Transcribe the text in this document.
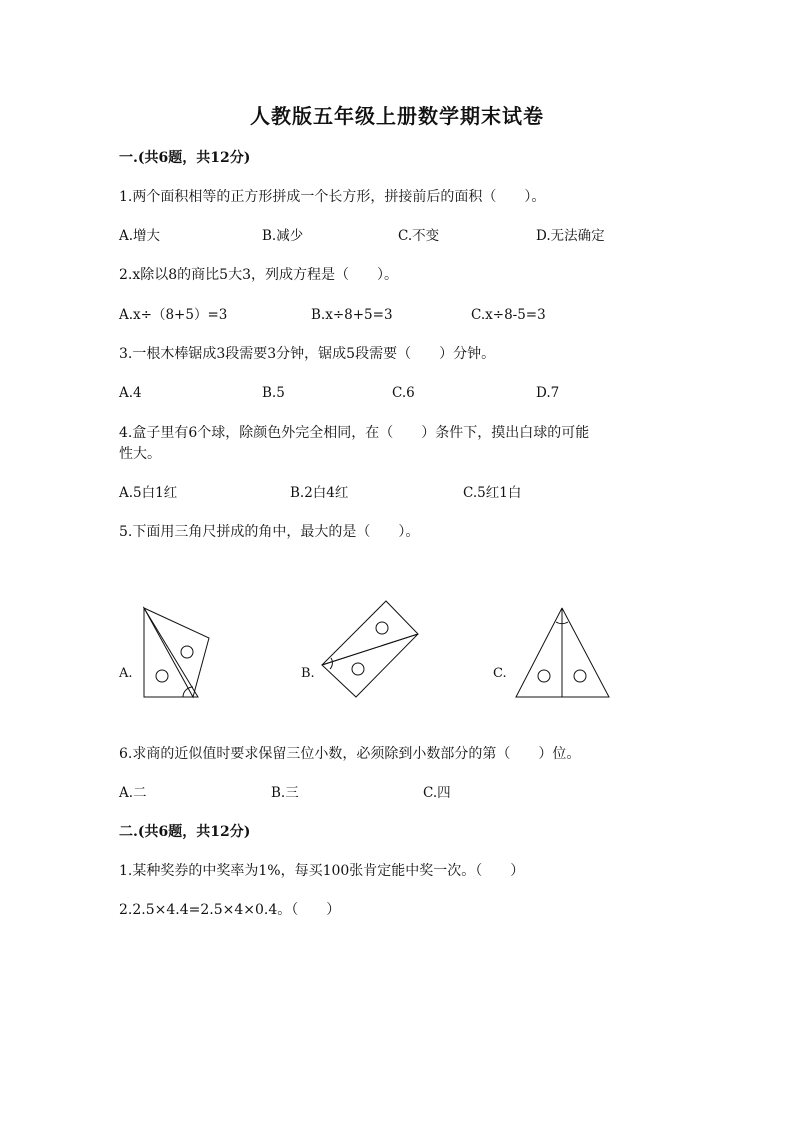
人教版五年级上册数学期末试卷
一.(共6题，共12分)
1.两个面积相等的正方形拼成一个长方形，拼接前后的面积（　　）。
A.增大	B.减少	C.不变	D.无法确定
2.x除以8的商比5大3，列成方程是（　　）。
A.x÷（8+5）=3	B.x÷8+5=3	C.x÷8-5=3
3.一根木棒锯成3段需要3分钟，锯成5段需要（　　）分钟。
A.4	B.5	C.6	D.7
4.盒子里有6个球，除颜色外完全相同，在（　　）条件下，摸出白球的可能
性大。
A.5白1红	B.2白4红	C.5红1白
5.下面用三角尺拼成的角中，最大的是（　　）。
A.	B.	C.
6.求商的近似值时要求保留三位小数，必须除到小数部分的第（　　）位。
A.二	B.三	C.四
二.(共6题，共12分)
1.某种奖券的中奖率为1%，每买100张肯定能中奖一次。（　　）
2.2.5×4.4=2.5×4×0.4。（　　）
